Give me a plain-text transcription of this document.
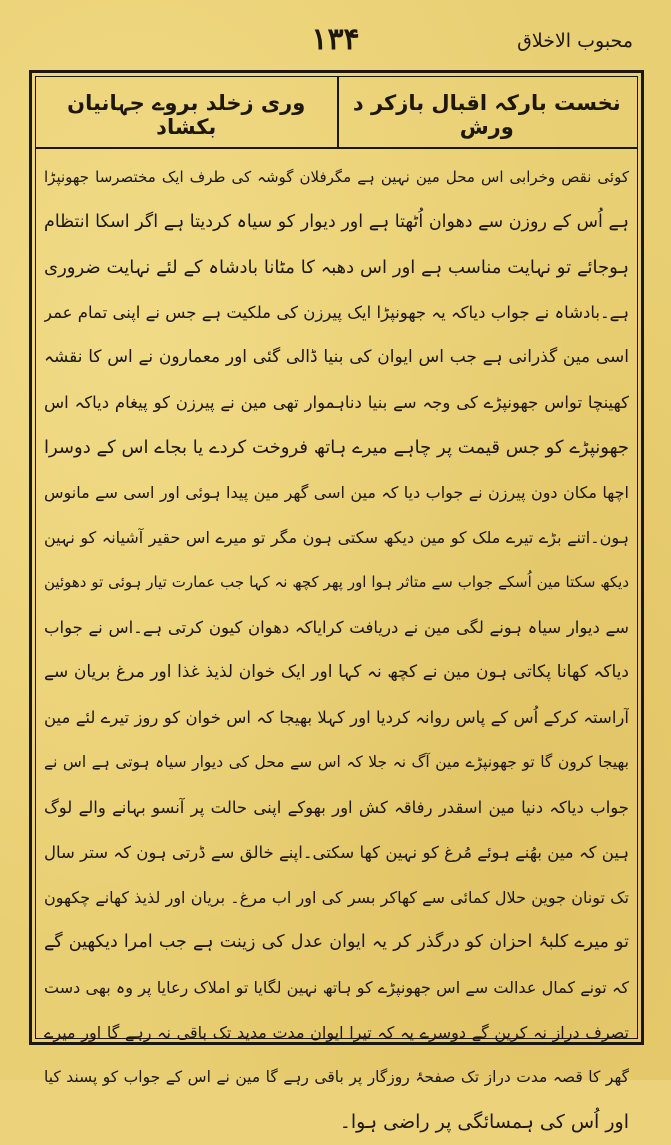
محبوب الاخلاق
۱۳۴
نخست بارکہ اقبال بازکر د ورش
وری زخلد بروے جہانیان بکشاد
کوئی نقص وخرابی اس محل مین نہین ہے مگرفلان گوشہ کی طرف ایک مختصرسا جھونپڑا
ہے اُس کے روزن سے دھوان اُٹھتا ہے اور دیوار کو سیاہ کردیتا ہے اگر اسکا انتظام
ہوجائے تو نہایت مناسب ہے اور اس دھبہ کا مٹانا بادشاہ کے لئے نہایت ضروری
ہے۔بادشاہ نے جواب دیاکہ یہ جھونپڑا ایک پیرزن کی ملکیت ہے جس نے اپنی تمام عمر
اسی مین گذرانی ہے جب اس ایوان کی بنیا ڈالی گئی اور معمارون نے اس کا نقشہ
کھینچا تواس جھونپڑے کی وجہ سے بنیا دناہموار تھی مین نے پیرزن کو پیغام دیاکہ اس
جھونپڑے کو جس قیمت پر چاہے میرے ہاتھ فروخت کردے یا بجاے اس کے دوسرا
اچھا مکان دون پیرزن نے جواب دیا کہ مین اسی گھر مین پیدا ہوئی اور اسی سے مانوس
ہون۔اتنے بڑے تیرے ملک کو مین دیکھ سکتی ہون مگر تو میرے اس حقیر آشیانہ کو نہین
دیکھ سکتا مین اُسکے جواب سے متاثر ہوا اور پھر کچھ نہ کہا جب عمارت تیار ہوئی تو دھوئین
سے دیوار سیاہ ہونے لگی مین نے دریافت کرایاکہ دھوان کیون کرتی ہے۔اس نے جواب
دیاکہ کھانا پکاتی ہون مین نے کچھ نہ کہا اور ایک خوان لذیذ غذا اور مرغ بریان سے
آراستہ کرکے اُس کے پاس روانہ کردیا اور کہلا بھیجا کہ اس خوان کو روز تیرے لئے مین
بھیجا کرون گا تو جھونپڑے مین آگ نہ جلا کہ اس سے محل کی دیوار سیاہ ہوتی ہے اس نے
جواب دیاکہ دنیا مین اسقدر رفاقہ کش اور بھوکے اپنی حالت پر آنسو بہانے والے لوگ
ہین کہ مین بھُنے ہوئے مُرغ کو نہین کھا سکتی۔اپنے خالق سے ڈرتی ہون کہ ستر سال
تک تونان جوین حلال کمائی سے کھاکر بسر کی اور اب مرغ۔ بریان اور لذیذ کھانے چکھون
تو میرے کلبۂ احزان کو درگذر کر یہ ایوان عدل کی زینت ہے جب امرا دیکھین گے
کہ تونے کمال عدالت سے اس جھونپڑے کو ہاتھ نہین لگایا تو املاک رعایا پر وہ بھی دست
تصرف دراز نہ کرین گے دوسرے یہ کہ تیرا ایوان مدت مدید تک باقی نہ رہے گا اور میرے
گھر کا قصہ مدت دراز تک صفحۂ روزگار پر باقی رہے گا مین نے اس کے جواب کو پسند کیا
اور اُس کی ہمسائگی پر راضی ہوا۔
